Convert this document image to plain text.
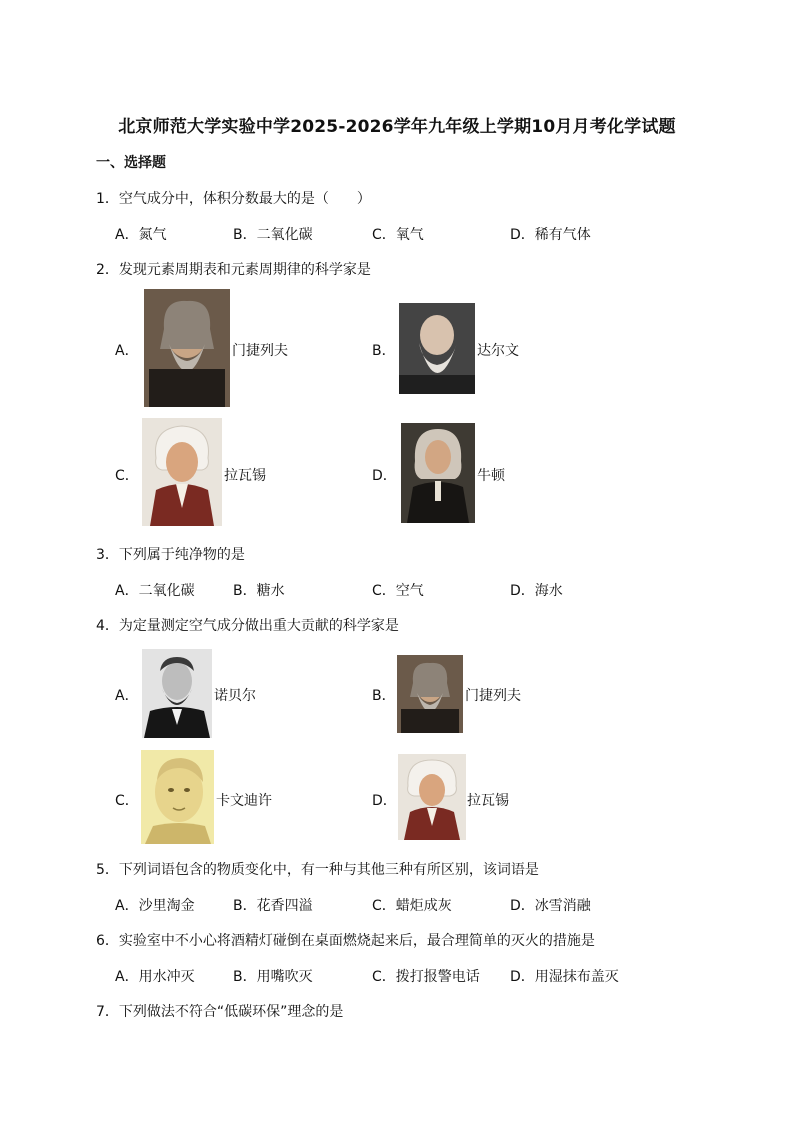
北京师范大学实验中学2025-2026学年九年级上学期10月月考化学试题
一、选择题
1．空气成分中，体积分数最大的是（　　）
A．氮气	B．二氧化碳	C．氧气	D．稀有气体
2．发现元素周期表和元素周期律的科学家是
A．	门捷列夫	B．	达尔文
C．	拉瓦锡	D．	牛顿
3．下列属于纯净物的是
A．二氧化碳	B．糖水	C．空气	D．海水
4．为定量测定空气成分做出重大贡献的科学家是
A．	诺贝尔	B．	门捷列夫
C．	卡文迪许	D．	拉瓦锡
5．下列词语包含的物质变化中，有一种与其他三种有所区别，该词语是
A．沙里淘金	B．花香四溢	C．蜡炬成灰	D．冰雪消融
6．实验室中不小心将酒精灯碰倒在桌面燃烧起来后，最合理简单的灭火的措施是
A．用水冲灭	B．用嘴吹灭	C．拨打报警电话 D．用湿抹布盖灭
7．下列做法不符合“低碳环保”理念的是
